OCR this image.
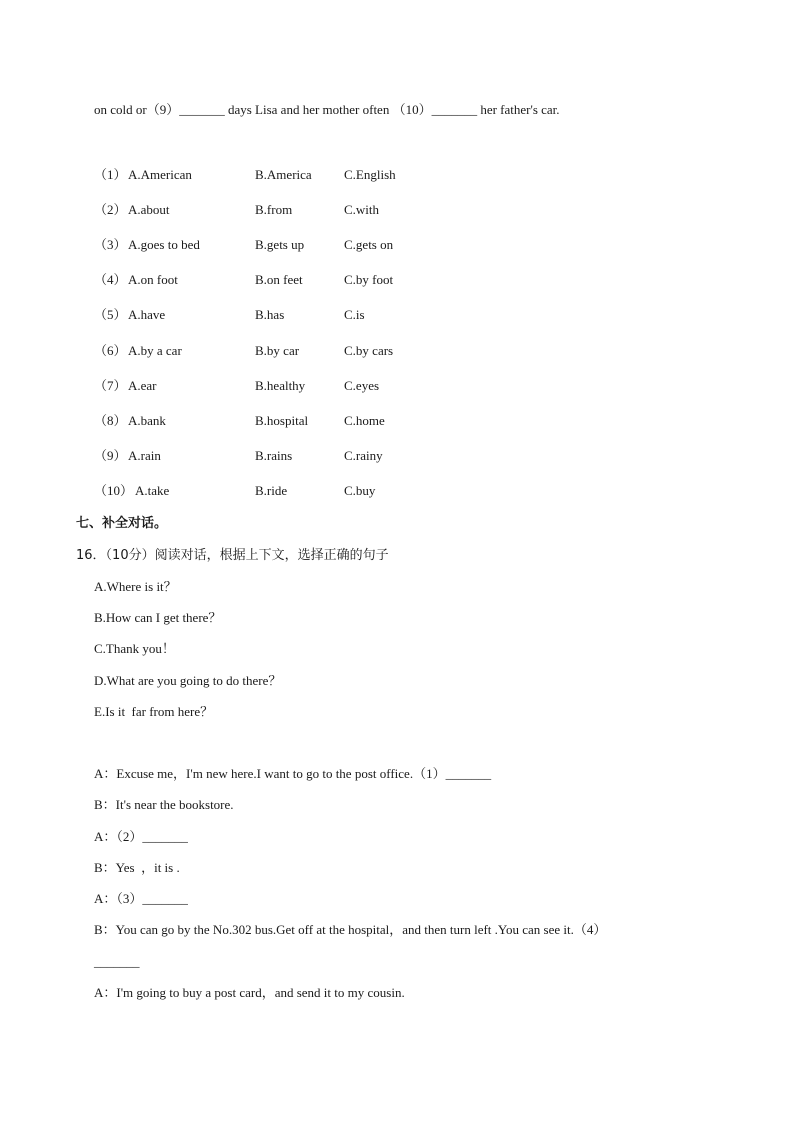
on cold or（9）_______ days Lisa and her mother often （10）_______ her father's car.
（1） A.American	B.America C.English
（2） A.about	B.from	C.with
（3） A.goes to bed	B.gets up	C.gets on
（4） A.on foot	B.on feet	C.by foot
（5） A.have	B.has	C.is
（6） A.by a car	B.by car	C.by cars
（7） A.ear	B.healthy	C.eyes
（8） A.bank	B.hospital	C.home
（9） A.rain	B.rains	C.rainy
（10） A.take	B.ride	C.buy
七、补全对话。
16．（10分）阅读对话，根据上下文，选择正确的句子
A.Where is it？
B.How can I get there？
C.Thank you！
D.What are you going to do there？
E.Is it  far from here？
A：Excuse me，I'm new here.I want to go to the post office.（1）_______
B：It's near the bookstore.
A：（2）_______
B：Yes  ，it is .
A：（3）_______
B：You can go by the No.302 bus.Get off at the hospital，and then turn left .You can see it.（4）
_______
A：I'm going to buy a post card，and send it to my cousin.
